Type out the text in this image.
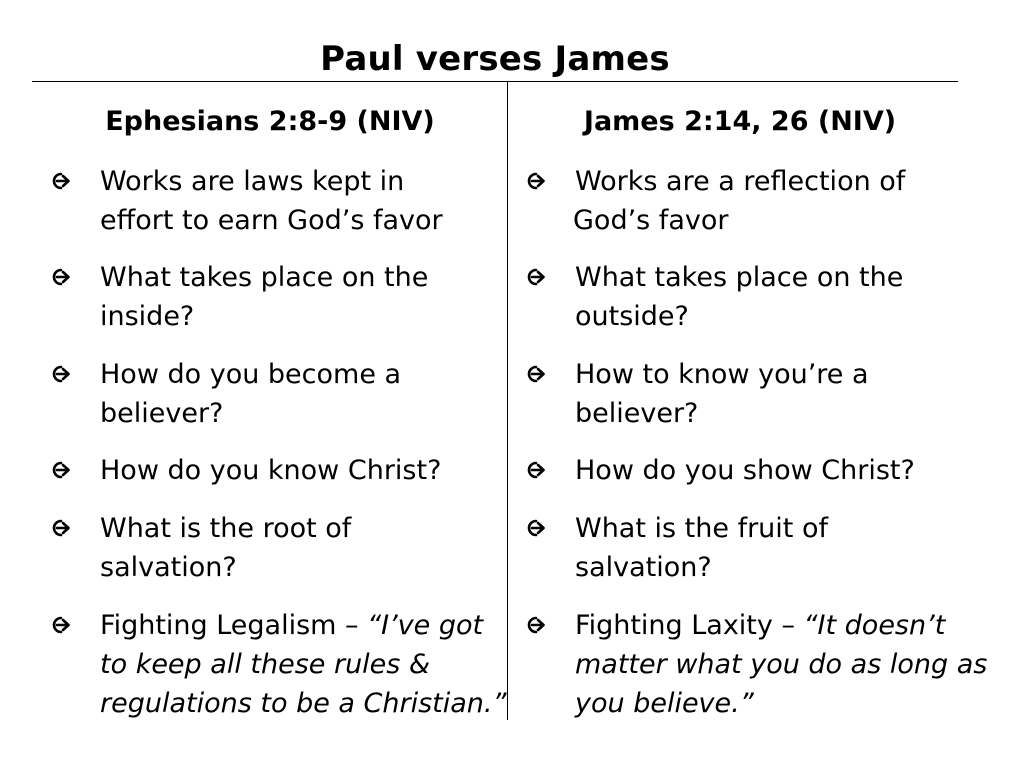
Paul verses James
Ephesians 2:8-9 (NIV)	James 2:14, 26 (NIV)
Works are laws kept in
effort to earn God’s favor
What takes place on the
inside?
How do you become a
believer?
How do you know Christ?
What is the root of
salvation?
Fighting Legalism – “I’ve got
to keep all these rules &
regulations to be a Christian.”
Works are a reflection of
God’s favor
What takes place on the
outside?
How to know you’re a
believer?
How do you show Christ?
What is the fruit of
salvation?
Fighting Laxity – “It doesn’t
matter what you do as long as
you believe.”
